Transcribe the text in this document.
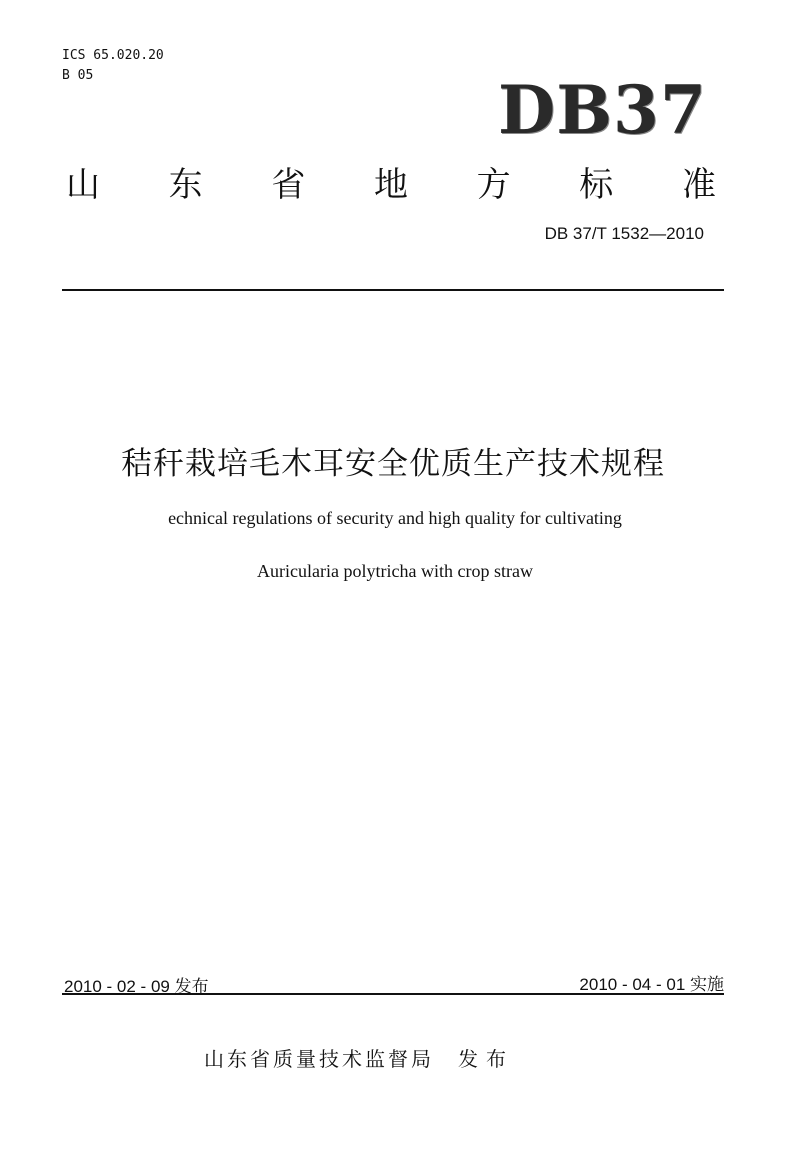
ICS 65.020.20
B 05	DB37
山 东 省 地 方 标 准
DB 37/T 1532—2010
秸秆栽培毛木耳安全优质生产技术规程
echnical regulations of security and high quality for cultivating
Auricularia polytricha with crop straw
2010 - 02 - 09 发布	2010 - 04 - 01 实施
山东省质量技术监督局 发布
